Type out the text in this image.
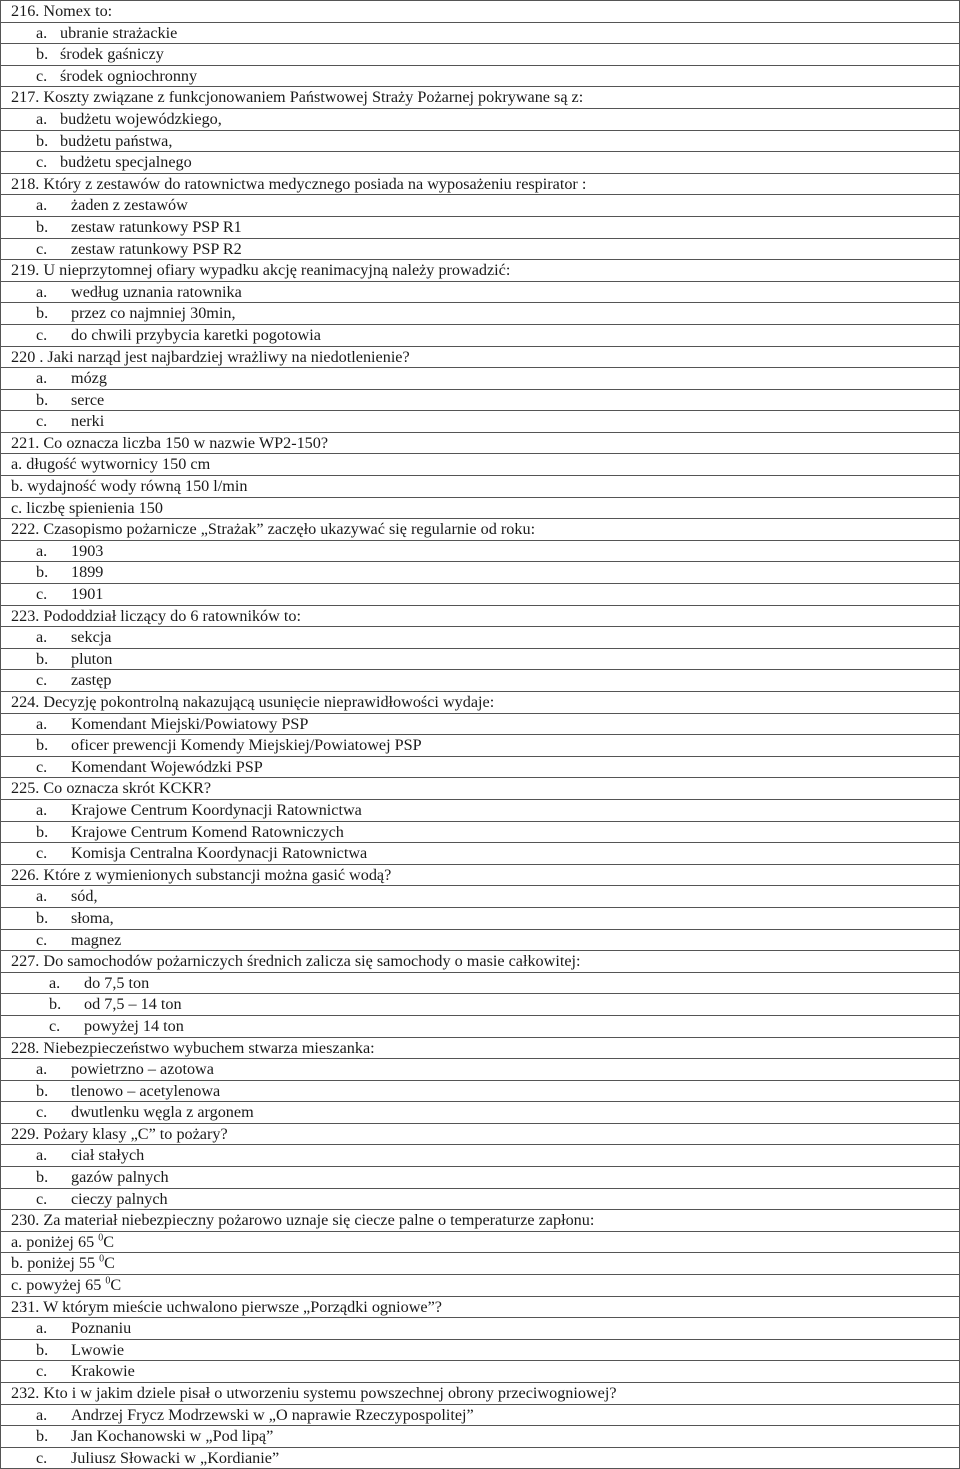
216. Nomex to:
a. ubranie strażackie
b. środek gaśniczy
c. środek ogniochronny
217. Koszty związane z funkcjonowaniem Państwowej Straży Pożarnej pokrywane są z:
a. budżetu wojewódzkiego,
b. budżetu państwa,
c. budżetu specjalnego
218. Który z zestawów do ratownictwa medycznego posiada na wyposażeniu respirator :
a. żaden z zestawów
b. zestaw ratunkowy PSP R1
c. zestaw ratunkowy PSP R2
219. U nieprzytomnej ofiary wypadku akcję reanimacyjną należy prowadzić:
a. według uznania ratownika
b. przez co najmniej 30min,
c. do chwili przybycia karetki pogotowia
220 . Jaki narząd jest najbardziej wrażliwy na niedotlenienie?
a. mózg
b. serce
c. nerki
221. Co oznacza liczba 150 w nazwie WP2-150?
a. długość wytwornicy 150 cm
b. wydajność wody równą 150 l/min
c. liczbę spienienia 150
222. Czasopismo pożarnicze „Strażak” zaczęło ukazywać się regularnie od roku:
a. 1903
b. 1899
c. 1901
223. Pododdział liczący do 6 ratowników to:
a. sekcja
b. pluton
c. zastęp
224. Decyzję pokontrolną nakazującą usunięcie nieprawidłowości wydaje:
a. Komendant Miejski/Powiatowy PSP
b. oficer prewencji Komendy Miejskiej/Powiatowej PSP
c. Komendant Wojewódzki PSP
225. Co oznacza skrót KCKR?
a. Krajowe Centrum Koordynacji Ratownictwa
b. Krajowe Centrum Komend Ratowniczych
c. Komisja Centralna Koordynacji Ratownictwa
226. Które z wymienionych substancji można gasić wodą?
a. sód,
b. słoma,
c. magnez
227. Do samochodów pożarniczych średnich zalicza się samochody o masie całkowitej:
a. do 7,5 ton
b. od 7,5 – 14 ton
c. powyżej 14 ton
228. Niebezpieczeństwo wybuchem stwarza mieszanka:
a. powietrzno – azotowa
b. tlenowo – acetylenowa
c. dwutlenku węgla z argonem
229. Pożary klasy „C” to pożary?
a. ciał stałych
b. gazów palnych
c. cieczy palnych
230. Za materiał niebezpieczny pożarowo uznaje się ciecze palne o temperaturze zapłonu:
a. poniżej 65 $^0$C
b. poniżej 55 $^0$C
c. powyżej 65 $^0$C
231. W którym mieście uchwalono pierwsze „Porządki ogniowe”?
a. Poznaniu
b. Lwowie
c. Krakowie
232. Kto i w jakim dziele pisał o utworzeniu systemu powszechnej obrony przeciwogniowej?
a. Andrzej Frycz Modrzewski w „O naprawie Rzeczypospolitej”
b. Jan Kochanowski w „Pod lipą”
c. Juliusz Słowacki w „Kordianie”
